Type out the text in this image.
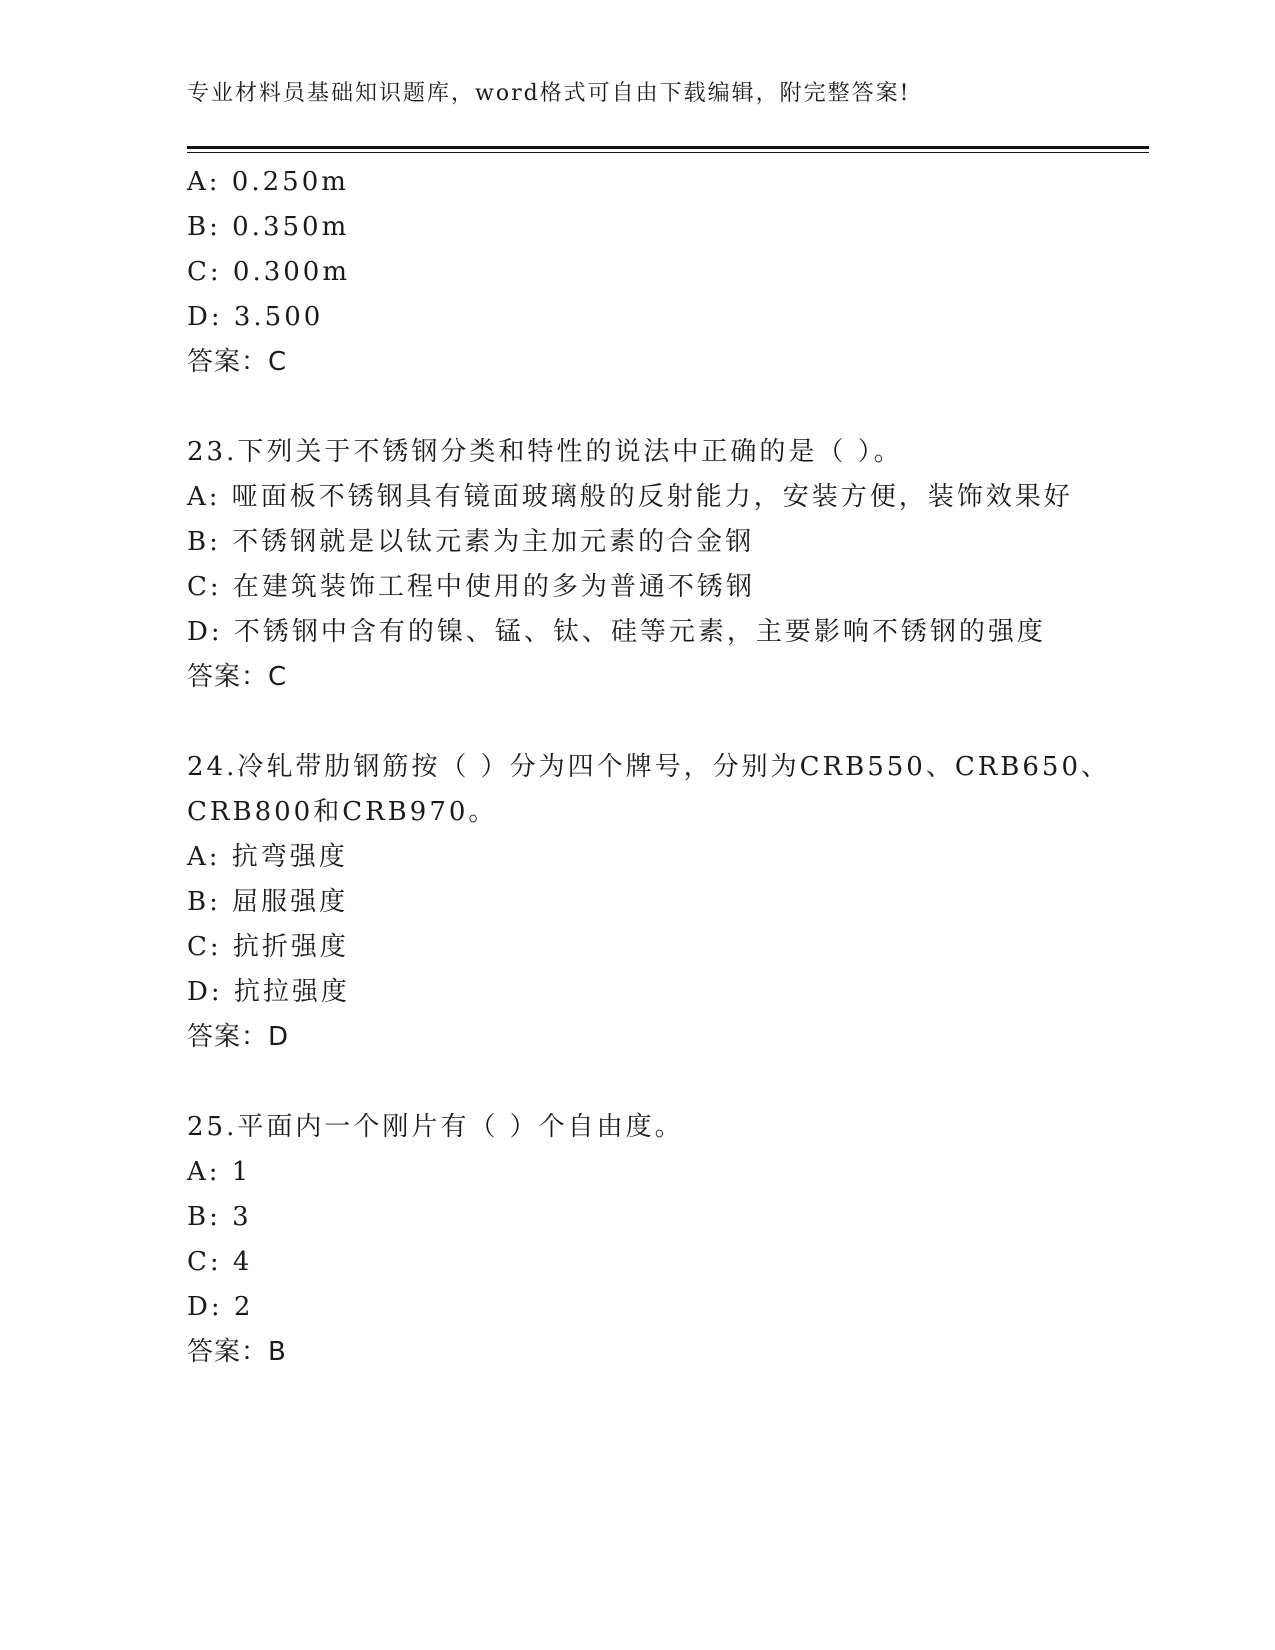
专业材料员基础知识题库，word格式可自由下载编辑，附完整答案!
A: 0.250m
B: 0.350m
C: 0.300m
D: 3.500
答案：C
23.下列关于不锈钢分类和特性的说法中正确的是（ ）。
A: 哑面板不锈钢具有镜面玻璃般的反射能力，安装方便，装饰效果好
B: 不锈钢就是以钛元素为主加元素的合金钢
C: 在建筑装饰工程中使用的多为普通不锈钢
D: 不锈钢中含有的镍、锰、钛、硅等元素，主要影响不锈钢的强度
答案：C
24.冷轧带肋钢筋按（ ）分为四个牌号，分别为CRB550、CRB650、
CRB800和CRB970。
A: 抗弯强度
B: 屈服强度
C: 抗折强度
D: 抗拉强度
答案：D
25.平面内一个刚片有（ ）个自由度。
A: 1
B: 3
C: 4
D: 2
答案：B
